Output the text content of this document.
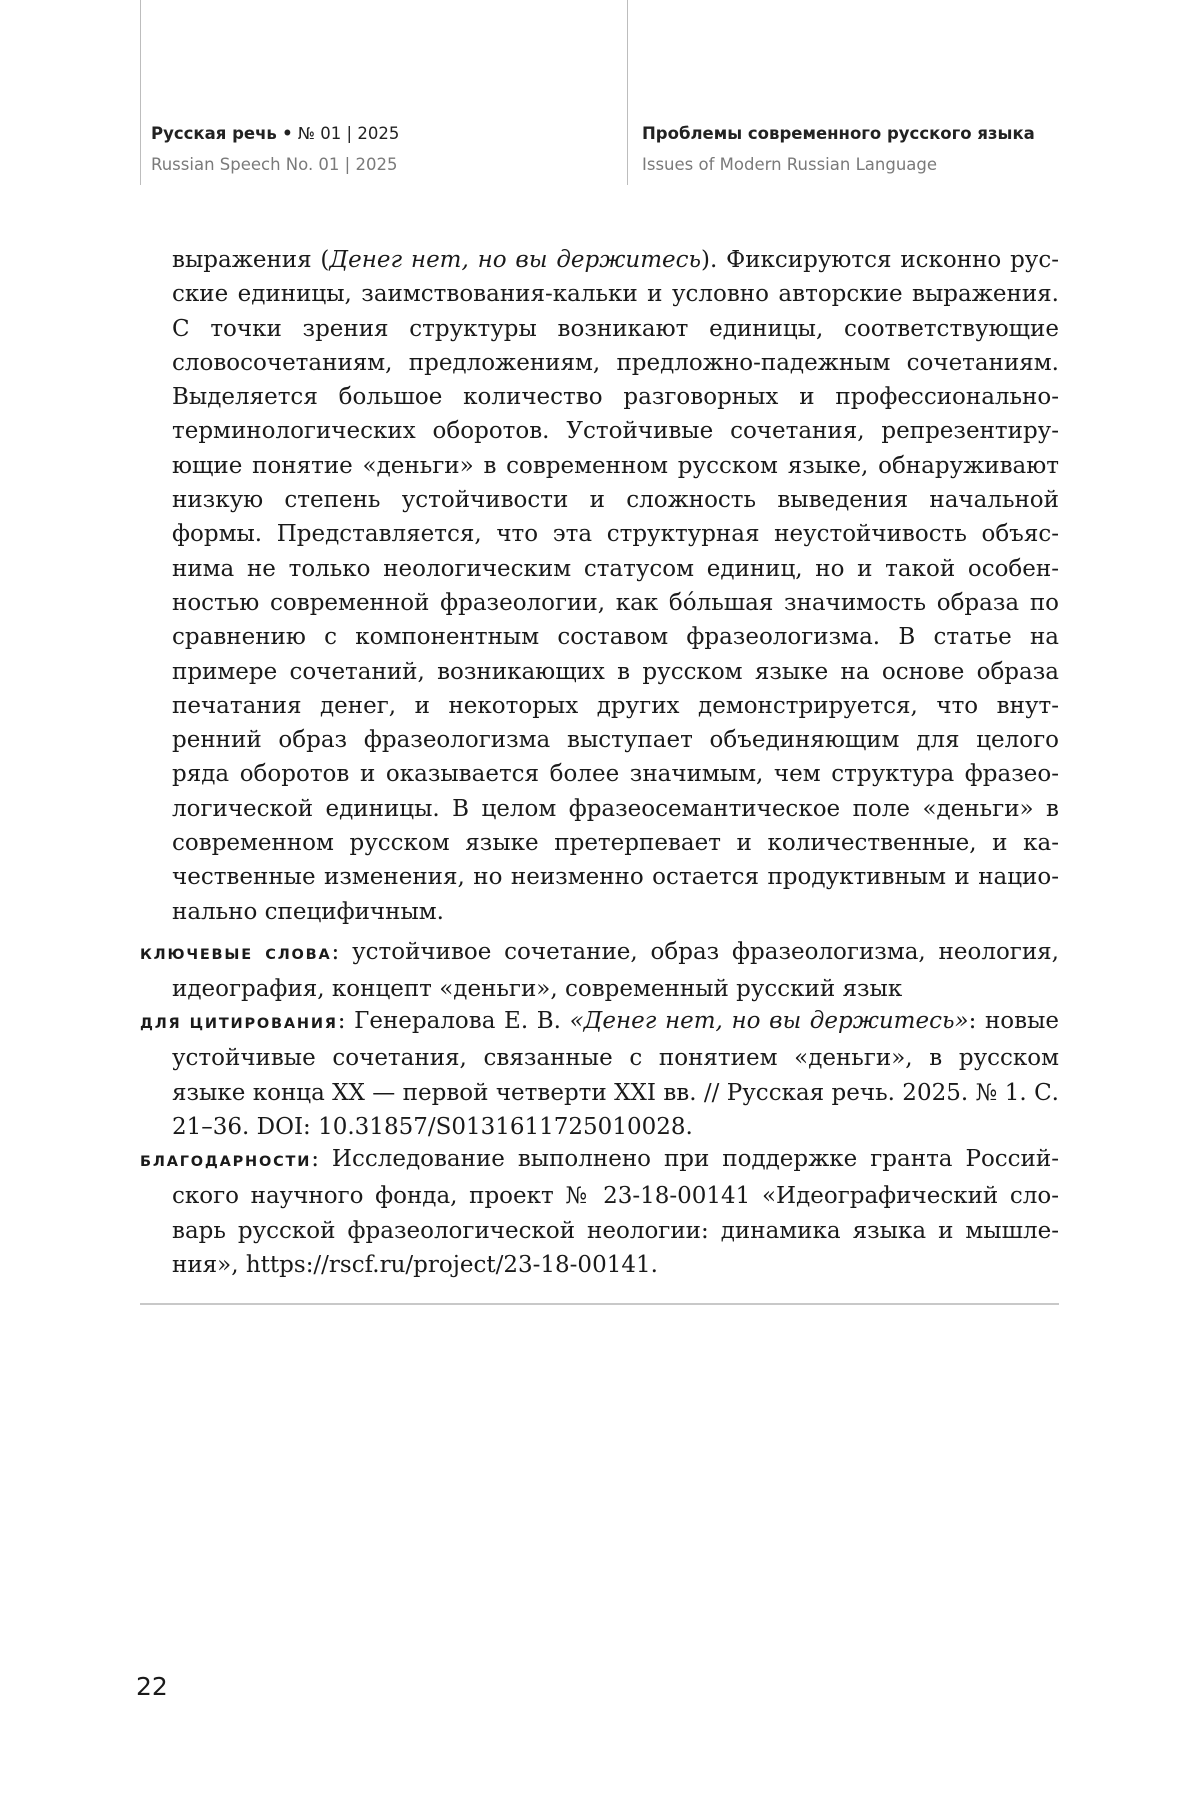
Русская речь • № 01 | 2025
Russian Speech No. 01 | 2025
Проблемы современного русского языка
Issues of Modern Russian Language

выражения (Денег нет, но вы держитесь). Фиксируются исконно русские единицы, заимствования-кальки и условно авторские выражения. С точки зрения структуры возникают единицы, соответствующие словосочетаниям, предложениям, предложно-падежным сочетаниям. Выделяется большое количество разговорных и профессионально-терминологических оборотов. Устойчивые сочетания, репрезентирующие понятие «деньги» в современном русском языке, обнаруживают низкую степень устойчивости и сложность выведения начальной формы. Представляется, что эта структурная неустойчивость объяснима не только неологическим статусом единиц, но и такой особенностью современной фразеологии, как бóльшая значимость образа по сравнению с компонентным составом фразеологизма. В статье на примере сочетаний, возникающих в русском языке на основе образа печатания денег, и некоторых других демонстрируется, что внутренний образ фразеологизма выступает объединяющим для целого ряда оборотов и оказывается более значимым, чем структура фразеологической единицы. В целом фразеосемантическое поле «деньги» в современном русском языке претерпевает и количественные, и качественные изменения, но неизменно остается продуктивным и национально специфичным.

КЛЮЧЕВЫЕ СЛОВА: устойчивое сочетание, образ фразеологизма, неология, идеография, концепт «деньги», современный русский язык

ДЛЯ ЦИТИРОВАНИЯ: Генералова Е. В. «Денег нет, но вы держитесь»: новые устойчивые сочетания, связанные с понятием «деньги», в русском языке конца XX — первой четверти XXI вв. // Русская речь. 2025. № 1. С. 21–36. DOI: 10.31857/S0131611725010028.

БЛАГОДАРНОСТИ: Исследование выполнено при поддержке гранта Российского научного фонда, проект № 23-18-00141 «Идеографический словарь русской фразеологической неологии: динамика языка и мышления», https://rscf.ru/project/23-18-00141.

22
